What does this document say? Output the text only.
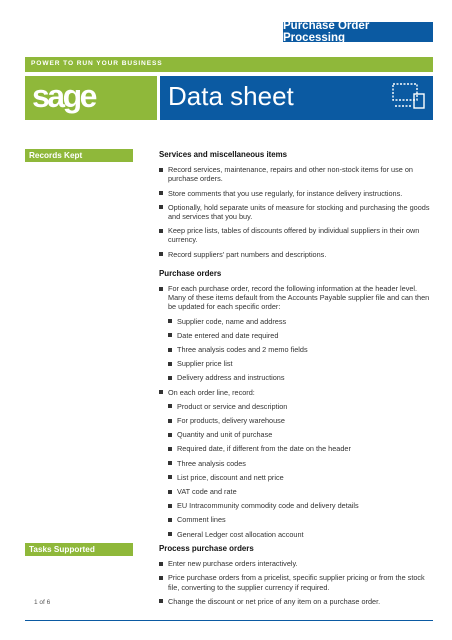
Purchase Order Processing
POWER TO RUN YOUR BUSINESS
sage	Data sheet
Records Kept	Services and miscellaneous items
Record services, maintenance, repairs and other non-stock items for use on purchase orders.
Store comments that you use regularly, for instance delivery instructions.
Optionally, hold separate units of measure for stocking and purchasing the goods and services that you buy.
Keep price lists, tables of discounts offered by individual suppliers in their own currency.
Record suppliers' part numbers and descriptions.
Purchase orders
For each purchase order, record the following information at the header level. Many of these items default from the Accounts Payable supplier file and can then be updated for each specific order:
Supplier code, name and address
Date entered and date required
Three analysis codes and 2 memo fields
Supplier price list
Delivery address and instructions
On each order line, record:
Product or service and description
For products, delivery warehouse
Quantity and unit of purchase
Required date, if different from the date on the header
Three analysis codes
List price, discount and nett price
VAT code and rate
EU Intracommunity commodity code and delivery details
Comment lines
General Ledger cost allocation account
Tasks Supported	Process purchase orders
Enter new purchase orders interactively.
Price purchase orders from a pricelist, specific supplier pricing or from the stock file, converting to the supplier currency if required.
Change the discount or net price of any item on a purchase order.
1 of 6
